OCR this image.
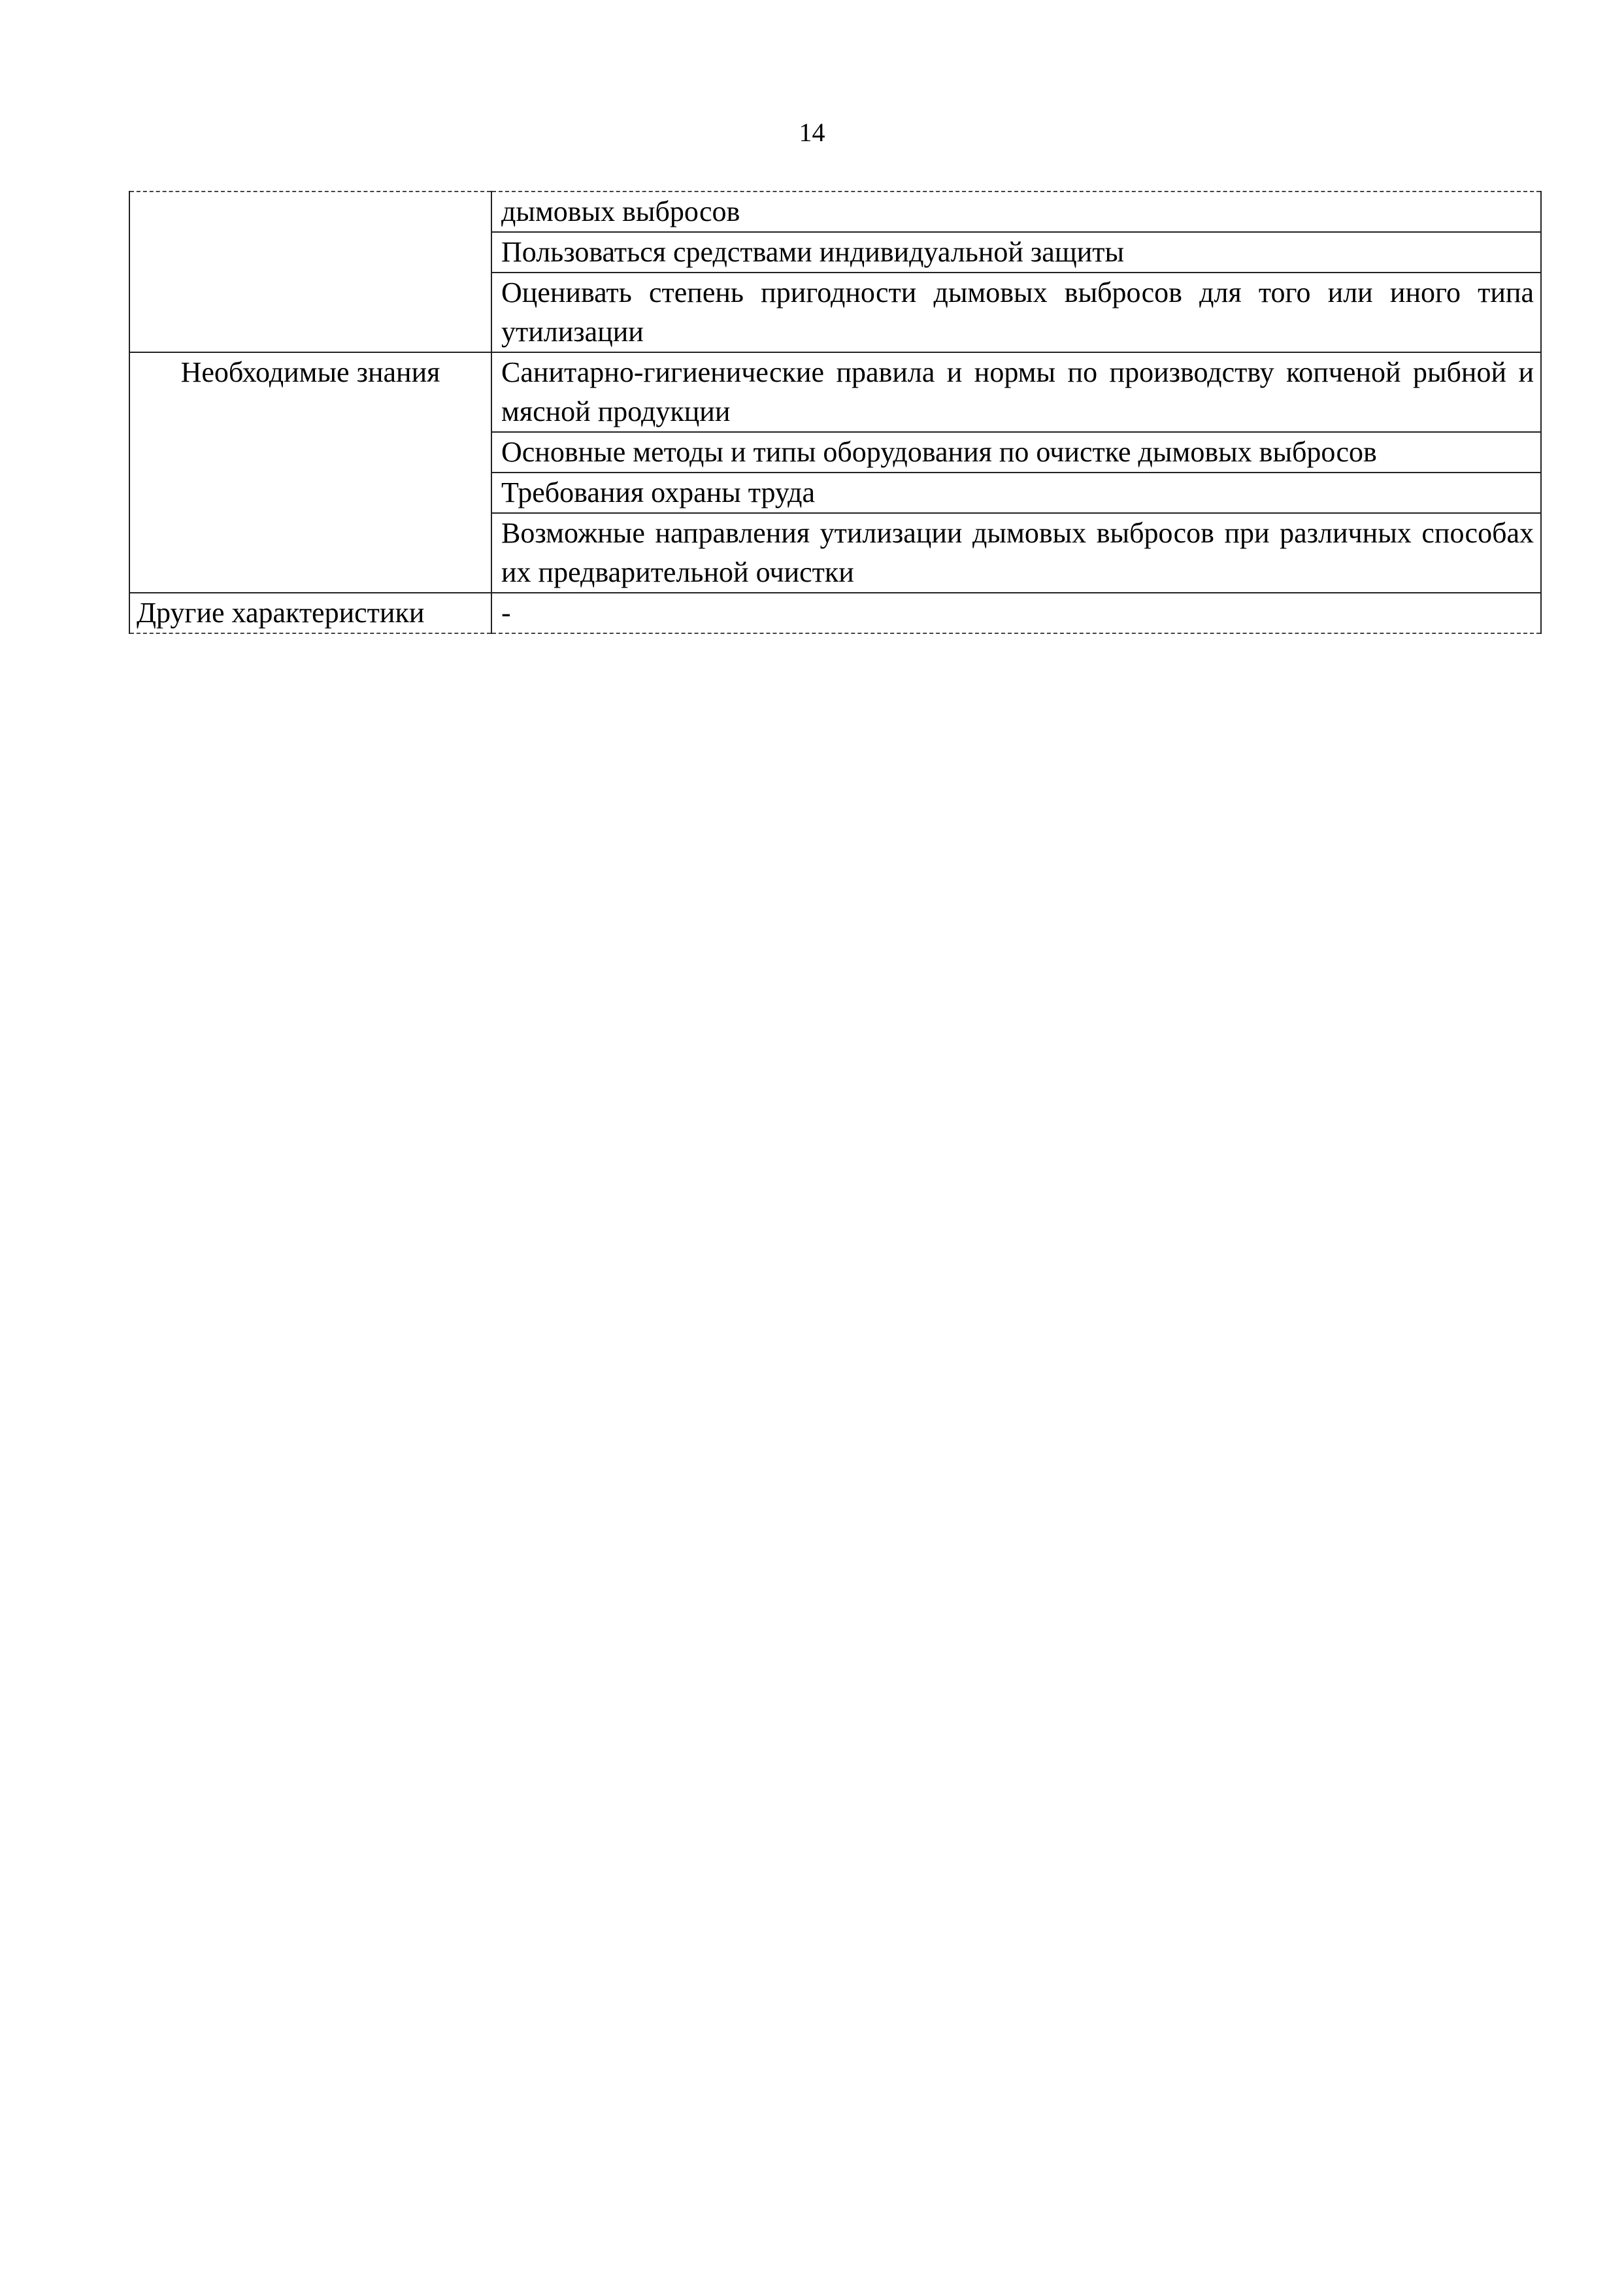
14
	дымовых выбросов
	Пользоваться средствами индивидуальной защиты
	Оценивать степень пригодности дымовых выбросов для того или иного типа утилизации
Необходимые знания	Санитарно-гигиенические правила и нормы по производству копченой рыбной и мясной продукции
	Основные методы и типы оборудования по очистке дымовых выбросов
	Требования охраны труда
	Возможные направления утилизации дымовых выбросов при различных способах их предварительной очистки
Другие характеристики	-
